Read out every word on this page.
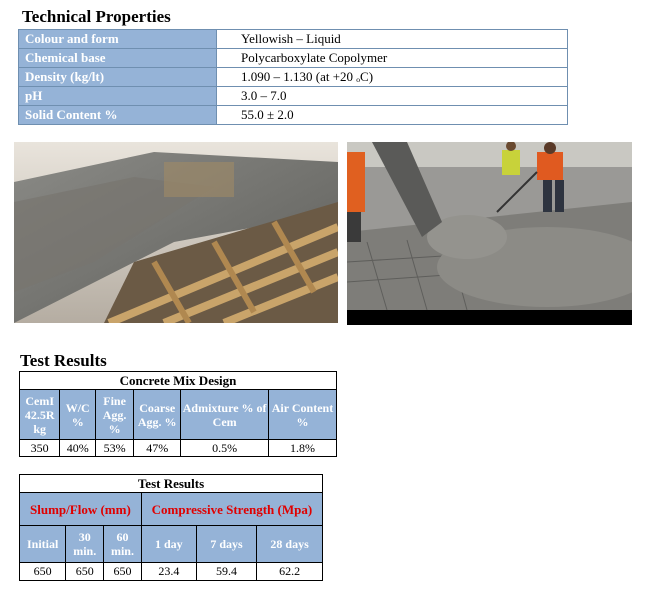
Technical Properties
Colour and form	Yellowish – Liquid
Chemical base	Polycarboxylate Copolymer
Density (kg/lt)	1.090 – 1.130 (at +20 ₒC)
pH	3.0 – 7.0
Solid Content %	55.0 ± 2.0
Test Results
Concrete Mix Design					
CemI 42.5R kg	W/C %	Fine Agg. %	Coarse Agg. %	Admixture % of Cem	Air Content %
350	40%	53%	47%	0.5%	1.8%
Test Results					
Slump/Flow (mm)			Compressive Strength (Mpa)		
Initial	30 min.	60 min.	1 day	7 days	28 days
650	650	650	23.4	59.4	62.2
